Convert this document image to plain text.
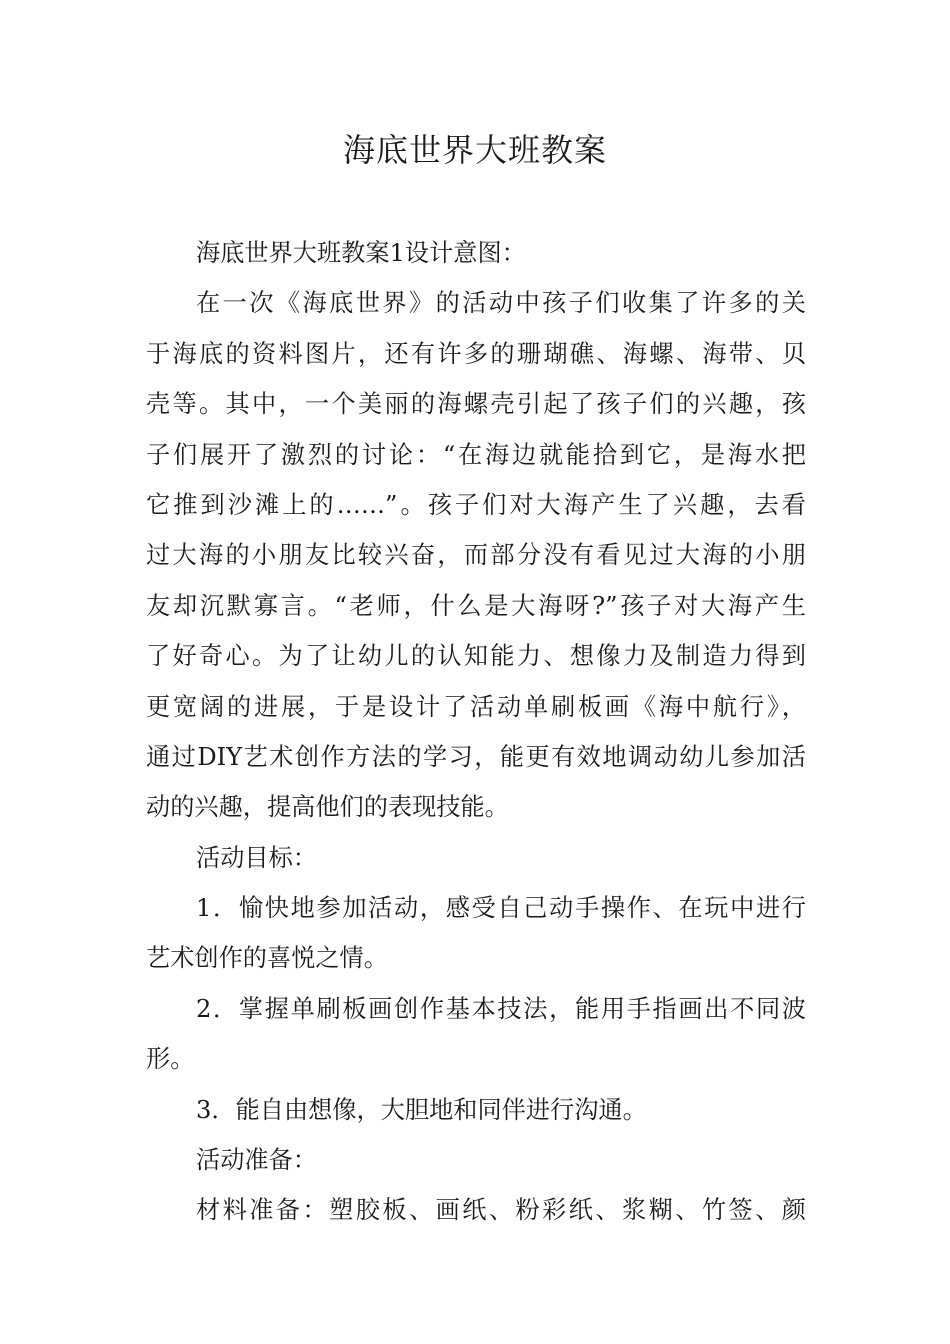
海底世界大班教案
海底世界大班教案1设计意图：
在一次《海底世界》的活动中孩子们收集了许多的关
于海底的资料图片，还有许多的珊瑚礁、海螺、海带、贝
壳等。其中，一个美丽的海螺壳引起了孩子们的兴趣，孩
子们展开了激烈的讨论：“在海边就能拾到它，是海水把
它推到沙滩上的……”。孩子们对大海产生了兴趣，去看
过大海的小朋友比较兴奋，而部分没有看见过大海的小朋
友却沉默寡言。“老师，什么是大海呀?”孩子对大海产生
了好奇心。为了让幼儿的认知能力、想像力及制造力得到
更宽阔的进展，于是设计了活动单刷板画《海中航行》，
通过DIY艺术创作方法的学习，能更有效地调动幼儿参加活
动的兴趣，提高他们的表现技能。
活动目标：
1．愉快地参加活动，感受自己动手操作、在玩中进行
艺术创作的喜悦之情。
2．掌握单刷板画创作基本技法，能用手指画出不同波
形。
3．能自由想像，大胆地和同伴进行沟通。
活动准备：
材料准备：塑胶板、画纸、粉彩纸、浆糊、竹签、颜
